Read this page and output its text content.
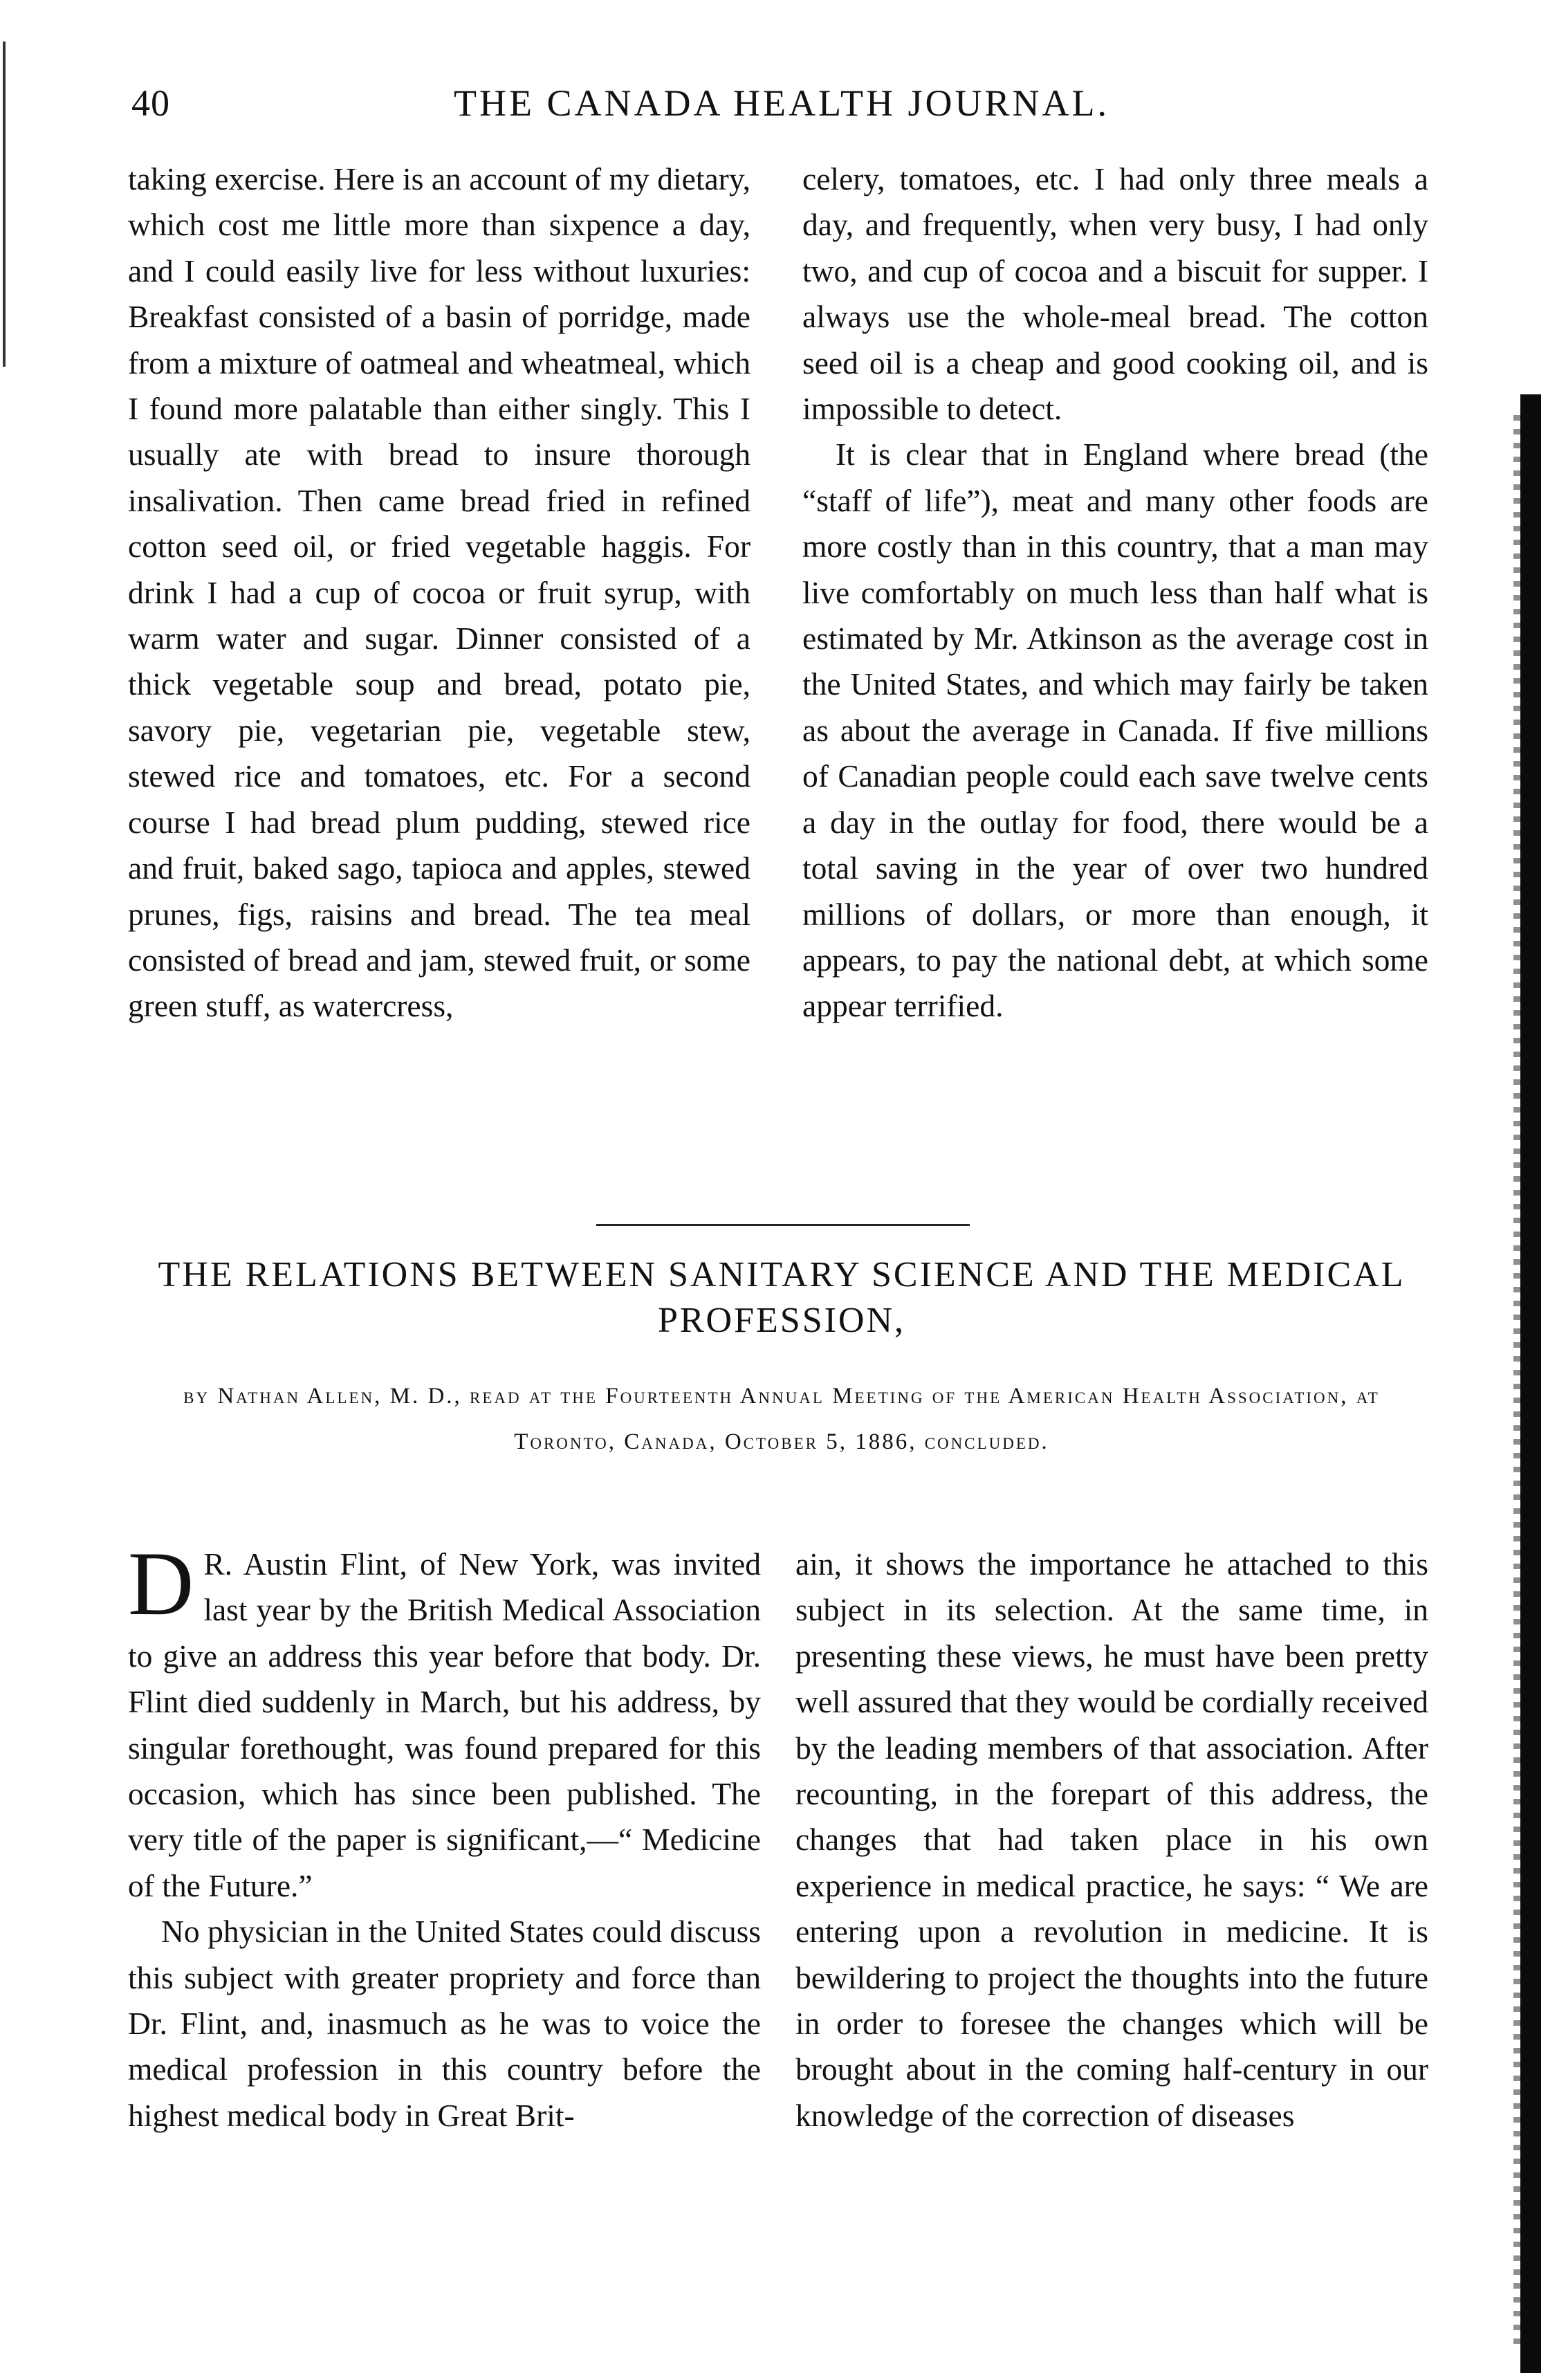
40	THE CANADA HEALTH JOURNAL.

taking exercise. Here is an account of my dietary, which cost me little more than sixpence a day, and I could easily live for less without luxuries: Breakfast consisted of a basin of porridge, made from a mixture of oatmeal and wheatmeal, which I found more palatable than either singly. This I usually ate with bread to insure thorough insalivation. Then came bread fried in refined cotton seed oil, or fried vegetable haggis. For drink I had a cup of cocoa or fruit syrup, with warm water and sugar. Dinner consisted of a thick vegetable soup and bread, potato pie, savory pie, vegetarian pie, vegetable stew, stewed rice and tomatoes, etc. For a second course I had bread plum pudding, stewed rice and fruit, baked sago, tapioca and apples, stewed prunes, figs, raisins and bread. The tea meal consisted of bread and jam, stewed fruit, or some green stuff, as watercress,

celery, tomatoes, etc. I had only three meals a day, and frequently, when very busy, I had only two, and cup of cocoa and a biscuit for supper. I always use the whole-meal bread. The cotton seed oil is a cheap and good cooking oil, and is impossible to detect.

It is clear that in England where bread (the “staff of life”), meat and many other foods are more costly than in this country, that a man may live comfortably on much less than half what is estimated by Mr. Atkinson as the average cost in the United States, and which may fairly be taken as about the average in Canada. If five millions of Canadian people could each save twelve cents a day in the outlay for food, there would be a total saving in the year of over two hundred millions of dollars, or more than enough, it appears, to pay the national debt, at which some appear terrified.

THE RELATIONS BETWEEN SANITARY SCIENCE AND THE MEDICAL PROFESSION,
by Nathan Allen, M. D., read at the Fourteenth Annual Meeting of the American Health Association, at Toronto, Canada, October 5, 1886, concluded.

D R. Austin Flint, of New York, was invited last year by the British Medical Association to give an address this year before that body. Dr. Flint died suddenly in March, but his address, by singular forethought, was found prepared for this occasion, which has since been published. The very title of the paper is significant,—“ Medicine of the Future.”

No physician in the United States could discuss this subject with greater propriety and force than Dr. Flint, and, inasmuch as he was to voice the medical profession in this country before the highest medical body in Great Brit-

ain, it shows the importance he attached to this subject in its selection. At the same time, in presenting these views, he must have been pretty well assured that they would be cordially received by the leading members of that association. After recounting, in the forepart of this address, the changes that had taken place in his own experience in medical practice, he says: “ We are entering upon a revolution in medicine. It is bewildering to project the thoughts into the future in order to foresee the changes which will be brought about in the coming half-century in our knowledge of the correction of diseases
